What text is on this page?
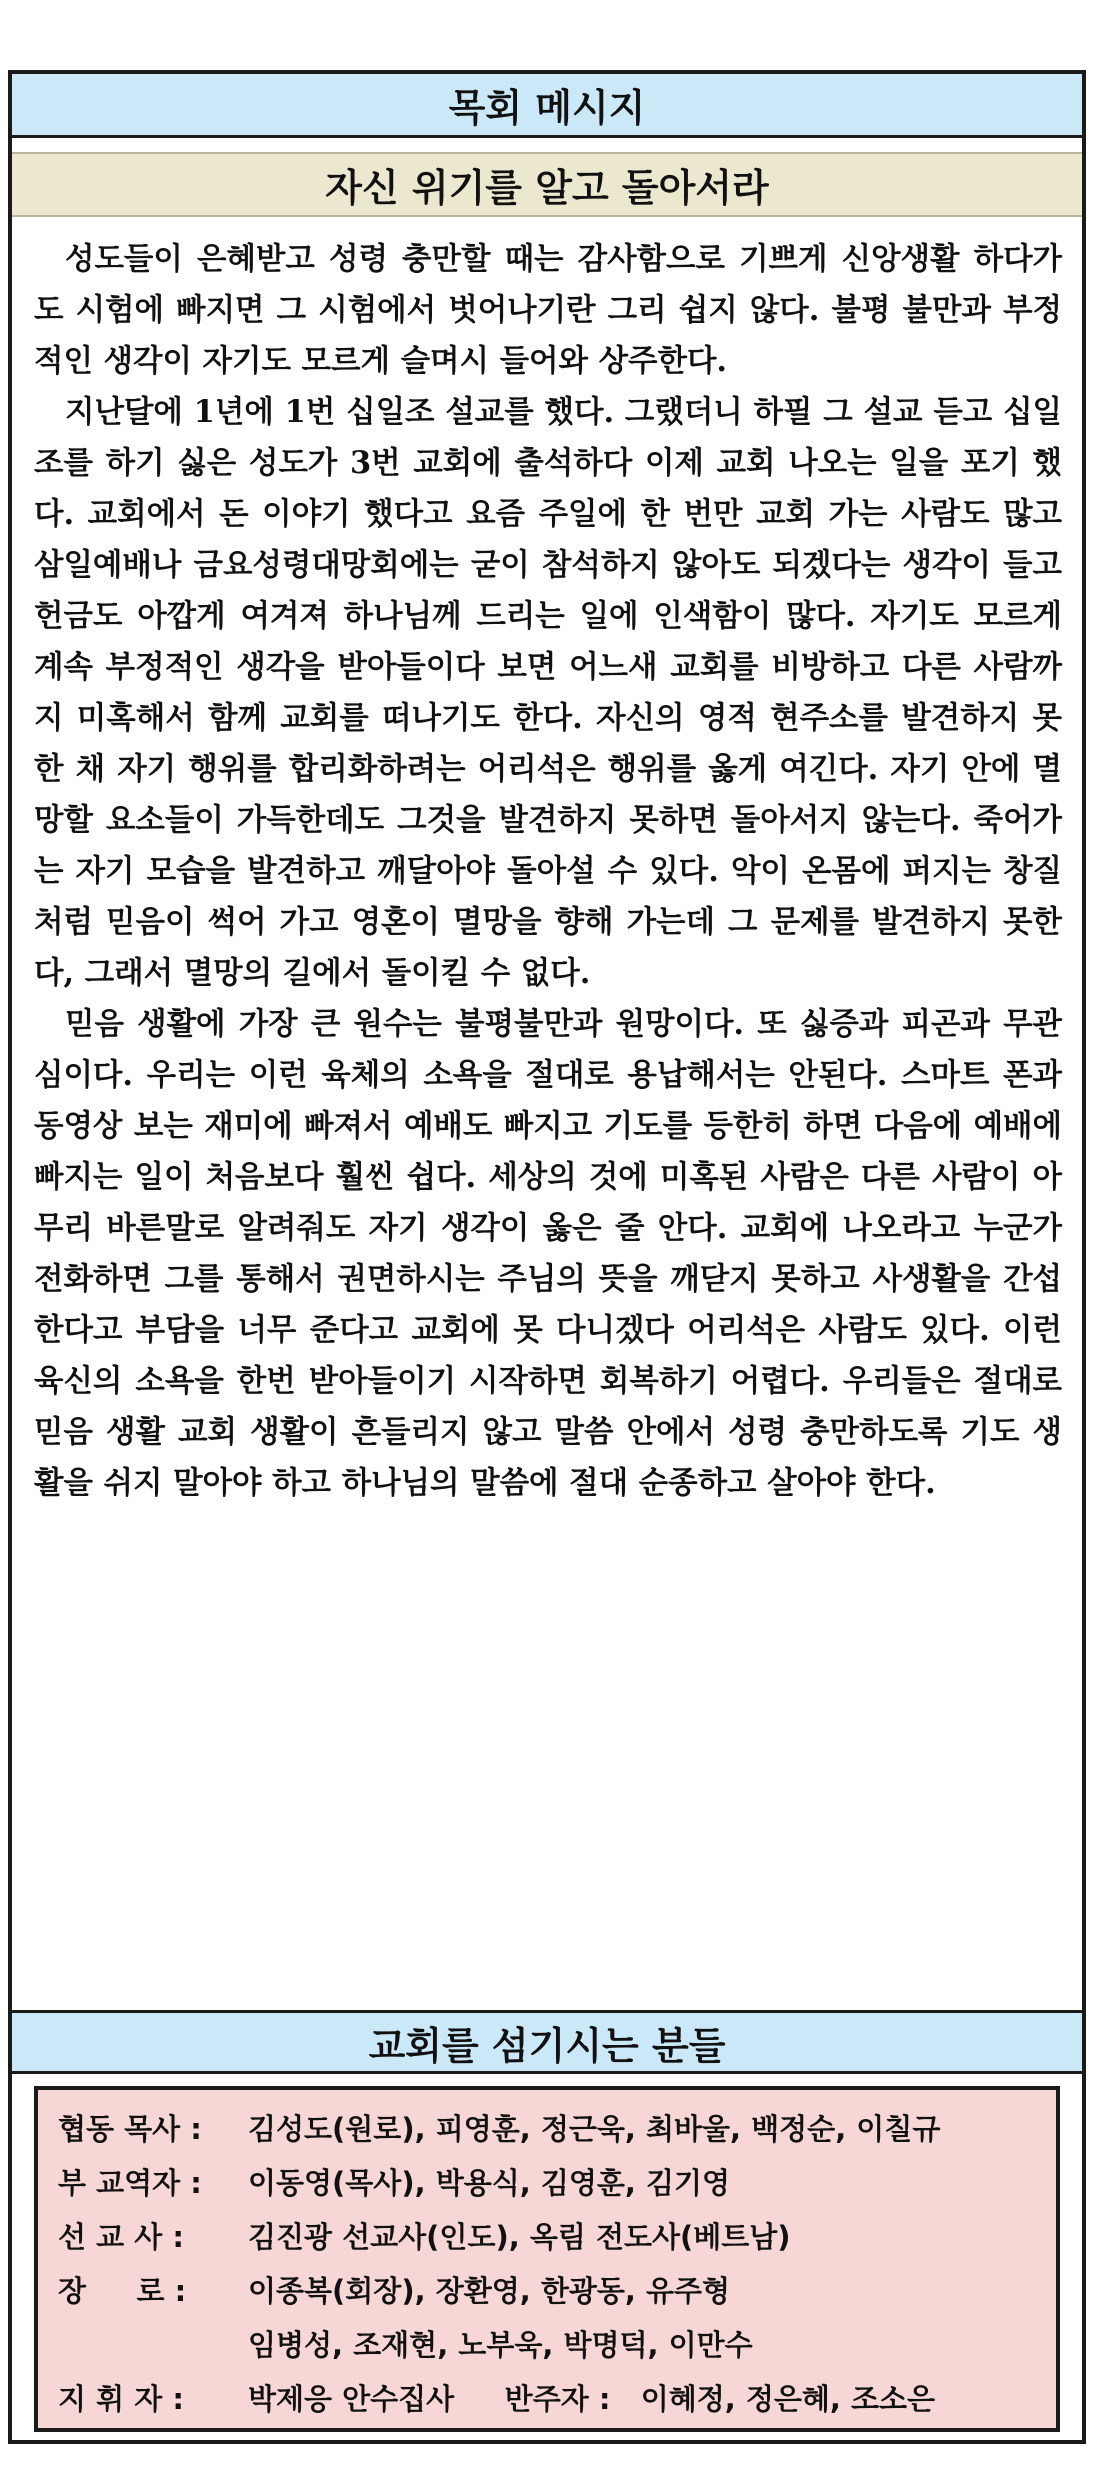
목회 메시지
자신 위기를 알고 돌아서라

성도들이 은혜받고 성령 충만할 때는 감사함으로 기쁘게 신앙생활 하다가도 시험에 빠지면 그 시험에서 벗어나기란 그리 쉽지 않다. 불평 불만과 부정적인 생각이 자기도 모르게 슬며시 들어와 상주한다.

지난달에 1년에 1번 십일조 설교를 했다. 그랬더니 하필 그 설교 듣고 십일조를 하기 싫은 성도가 3번 교회에 출석하다 이제 교회 나오는 일을 포기 했다. 교회에서 돈 이야기 했다고 요즘 주일에 한 번만 교회 가는 사람도 많고 삼일예배나 금요성령대망회에는 굳이 참석하지 않아도 되겠다는 생각이 들고 헌금도 아깝게 여겨져 하나님께 드리는 일에 인색함이 많다. 자기도 모르게 계속 부정적인 생각을 받아들이다 보면 어느새 교회를 비방하고 다른 사람까지 미혹해서 함께 교회를 떠나기도 한다. 자신의 영적 현주소를 발견하지 못한 채 자기 행위를 합리화하려는 어리석은 행위를 옳게 여긴다. 자기 안에 멸망할 요소들이 가득한데도 그것을 발견하지 못하면 돌아서지 않는다. 죽어가는 자기 모습을 발견하고 깨달아야 돌아설 수 있다. 악이 온몸에 퍼지는 창질 처럼 믿음이 썩어 가고 영혼이 멸망을 향해 가는데 그 문제를 발견하지 못한다, 그래서 멸망의 길에서 돌이킬 수 없다.

믿음 생활에 가장 큰 원수는 불평불만과 원망이다. 또 싫증과 피곤과 무관심이다. 우리는 이런 육체의 소욕을 절대로 용납해서는 안된다. 스마트 폰과 동영상 보는 재미에 빠져서 예배도 빠지고 기도를 등한히 하면 다음에 예배에 빠지는 일이 처음보다 훨씬 쉽다. 세상의 것에 미혹된 사람은 다른 사람이 아무리 바른말로 알려줘도 자기 생각이 옳은 줄 안다. 교회에 나오라고 누군가 전화하면 그를 통해서 권면하시는 주님의 뜻을 깨닫지 못하고 사생활을 간섭한다고 부담을 너무 준다고 교회에 못 다니겠다 어리석은 사람도 있다. 이런 육신의 소욕을 한번 받아들이기 시작하면 회복하기 어렵다. 우리들은 절대로 믿음 생활 교회 생활이 흔들리지 않고 말씀 안에서 성령 충만하도록 기도 생활을 쉬지 말아야 하고 하나님의 말씀에 절대 순종하고 살아야 한다.

교회를 섬기시는 분들
협동 목사 :	김성도(원로), 피영훈, 정근욱, 최바울, 백정순, 이칠규
부 교역자 :	이동영(목사), 박용식, 김영훈, 김기영
선 교 사 :	김진광 선교사(인도), 옥림 전도사(베트남)
장     로 :	이종복(회장), 장환영, 한광동, 유주형
임병성, 조재현, 노부욱, 박명덕, 이만수
지 휘 자 :	박제응 안수집사     반주자 :   이혜정, 정은혜, 조소은
